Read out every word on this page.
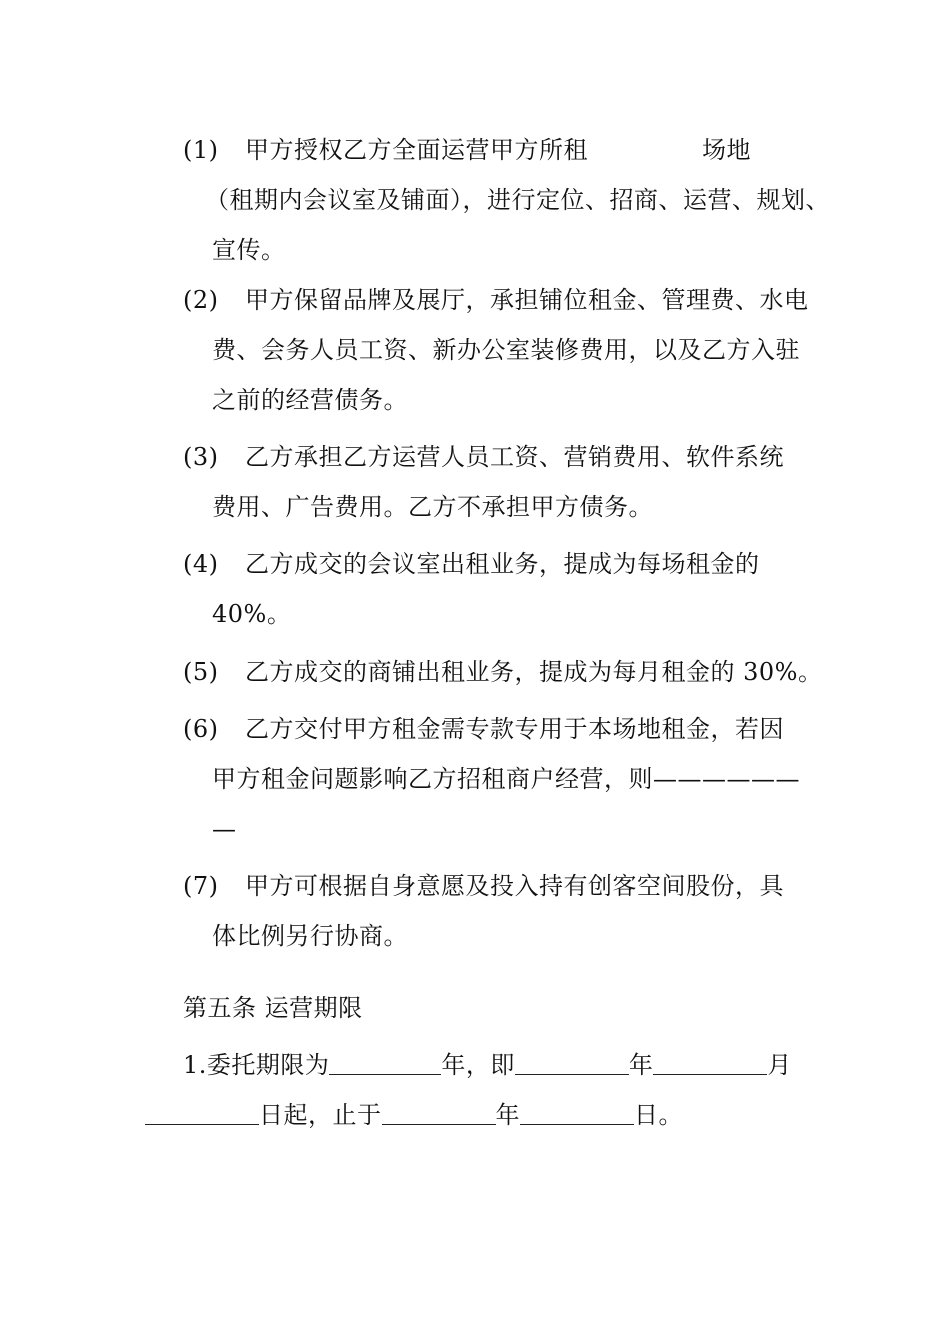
(1) 甲方授权乙方全面运营甲方所租	场地
（租期内会议室及铺面），进行定位、招商、运营、规划、
宣传。
(2) 甲方保留品牌及展厅，承担铺位租金、管理费、水电
费、会务人员工资、新办公室装修费用，以及乙方入驻
之前的经营债务。
(3) 乙方承担乙方运营人员工资、营销费用、软件系统
费用、广告费用。乙方不承担甲方债务。
(4) 乙方成交的会议室出租业务，提成为每场租金的
40%。
(5) 乙方成交的商铺出租业务，提成为每月租金的 30%。
(6) 乙方交付甲方租金需专款专用于本场地租金，若因
甲方租金问题影响乙方招租商户经营，则——————
—
(7) 甲方可根据自身意愿及投入持有创客空间股份，具
体比例另行协商。
第五条 运营期限
1.委托期限为	年，即	年	月
日起，止于	年	日。
